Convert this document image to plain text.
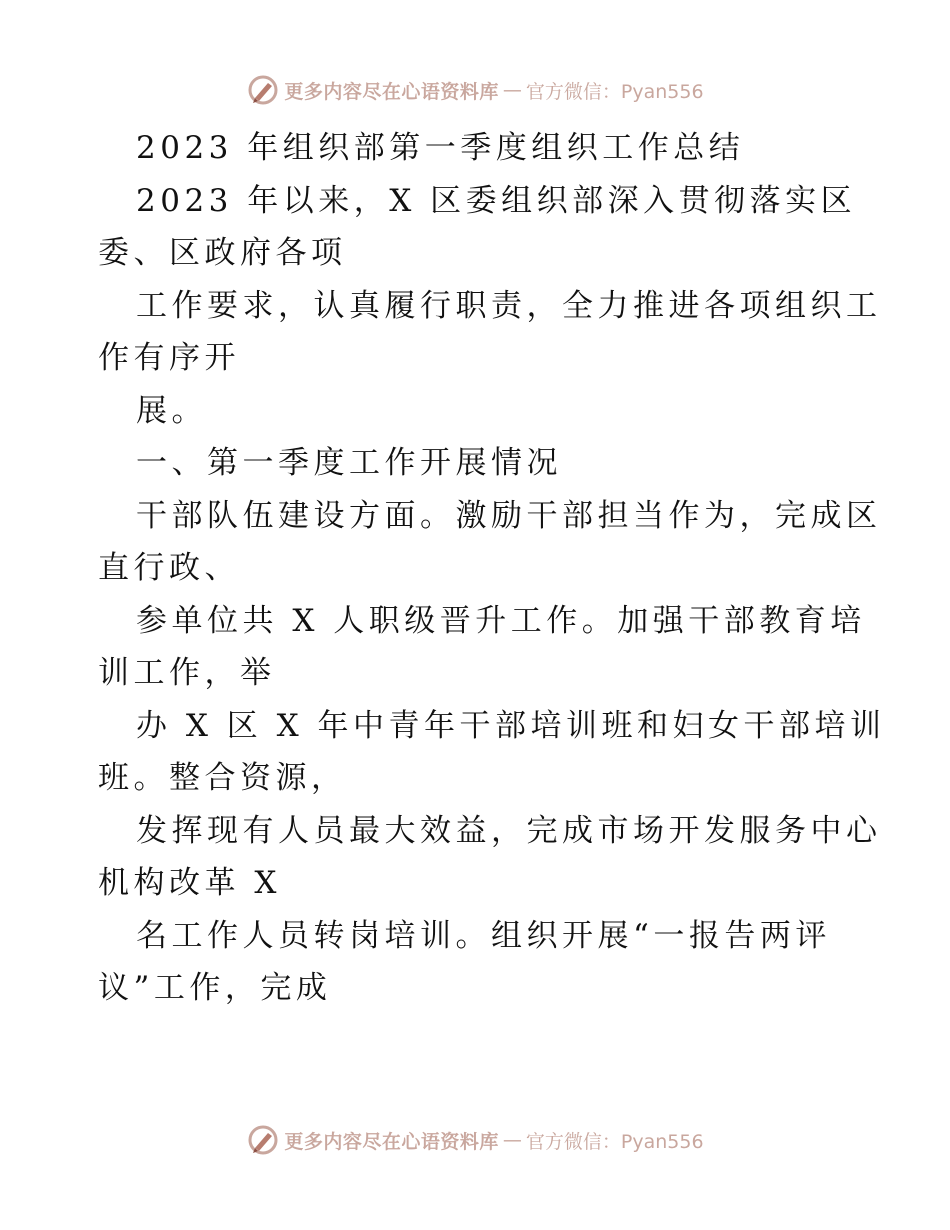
更多内容尽在心语资料库 — 官方微信：Pyan556
2023 年组织部第一季度组织工作总结
2023 年以来，X 区委组织部深入贯彻落实区
委、区政府各项
工作要求，认真履行职责，全力推进各项组织工
作有序开
展。
一、第一季度工作开展情况
干部队伍建设方面。激励干部担当作为，完成区
直行政、
参单位共 X 人职级晋升工作。加强干部教育培
训工作，举
办 X 区 X 年中青年干部培训班和妇女干部培训
班。整合资源，
发挥现有人员最大效益，完成市场开发服务中心
机构改革 X
名工作人员转岗培训。组织开展“一报告两评
议”工作，完成
更多内容尽在心语资料库 — 官方微信：Pyan556
